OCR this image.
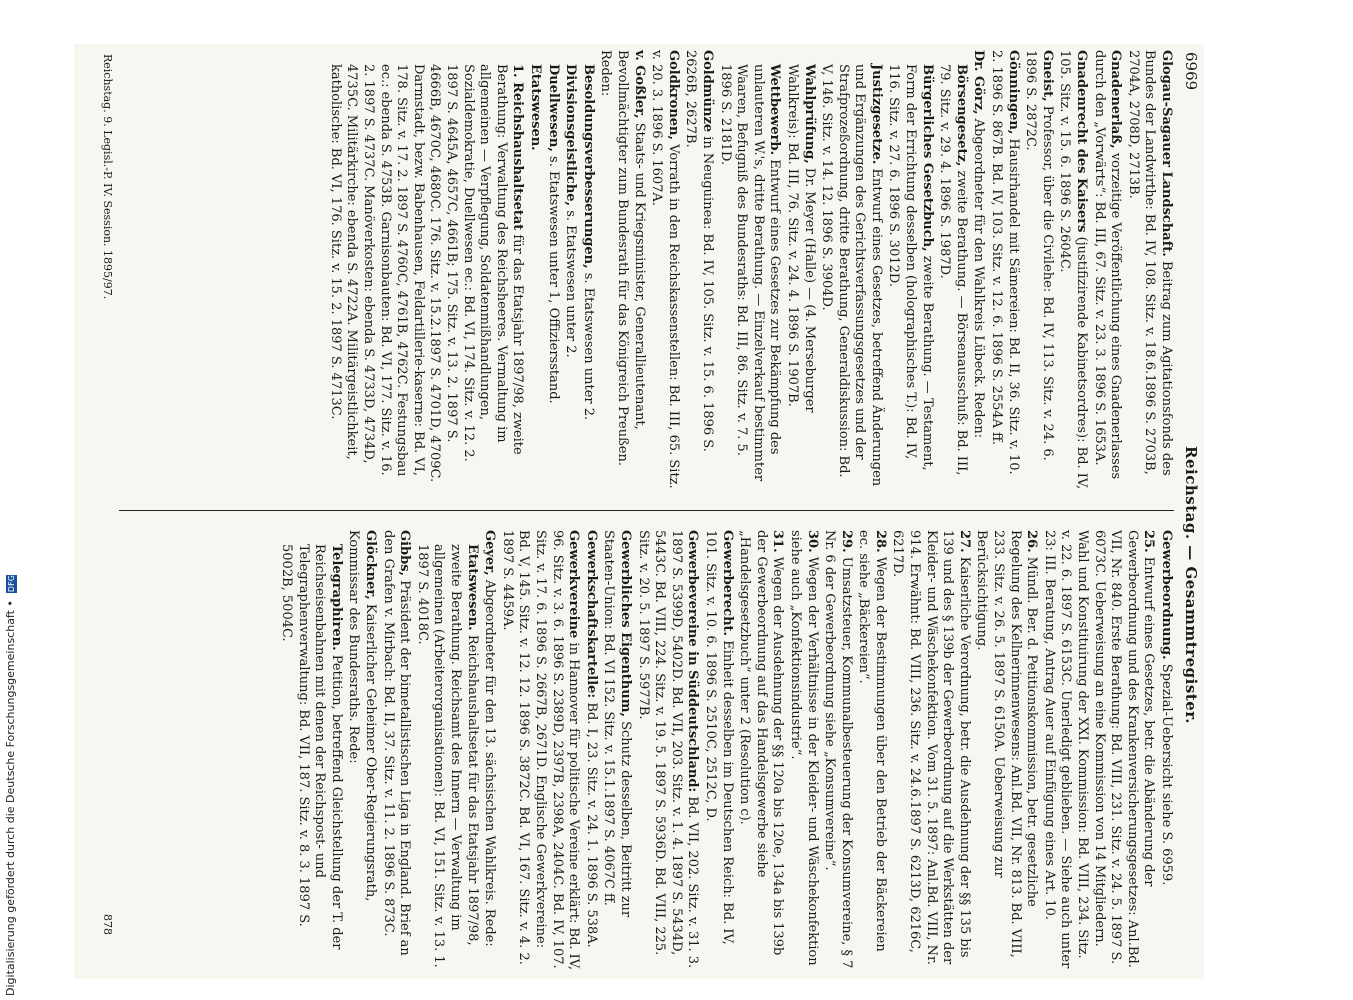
6969
Reichstag. — Gesammtregister.

Glogau-Sagauer Landschaft. Beitrag zum Agitationsfonds des Bundes der Landwirthe: Bd. IV, 108. Sitz. v. 18.6.1896 S. 2703B, 2704A, 2708D, 2713B.

Gnadenerlaß, vorzeitige Veröffentlichung eines Gnadenerlasses durch den „Vorwärts“: Bd. III, 67. Sitz. v. 23. 3. 1896 S. 1653A.

Gnadenrecht des Kaisers (justifizirende Kabinetsordres): Bd. IV, 105. Sitz. v. 15. 6. 1896 S. 2604C.

Gneist, Professor, über die Civilehe: Bd. IV, 113. Sitz. v. 24. 6. 1896 S. 2872C.

Gönningen, Hausirhandel mit Sämereien: Bd. II, 36. Sitz. v. 10. 2. 1896 S. 867B. Bd. IV, 103. Sitz. v. 12. 6. 1896 S. 2554A ff.

Dr. Görz, Abgeordneter für den Wahlkreis Lübeck. Reden:

Börsengesetz, zweite Berathung. — Börsenausschuß: Bd. III, 79. Sitz. v. 29. 4. 1896 S. 1987D.

Bürgerliches Gesetzbuch, zweite Berathung. — Testament, Form der Errichtung desselben (holographisches T.): Bd. IV, 116. Sitz. v. 27. 6. 1896 S. 3012D.

Justizgesetze. Entwurf eines Gesetzes, betreffend Änderungen und Ergänzungen des Gerichtsverfassungsgesetzes und der Strafprozeßordnung, dritte Berathung, Generaldiskussion: Bd. V, 146. Sitz. v. 14. 12. 1896 S. 3904D.

Wahlprüfung, Dr. Meyer (Halle) — (4. Merseburger Wahlkreis): Bd. III, 76. Sitz. v. 24. 4. 1896 S. 1907B.

Wettbewerb. Entwurf eines Gesetzes zur Bekämpfung des unlauteren W.'s, dritte Berathung. — Einzelverkauf bestimmter Waaren, Befugniß des Bundesraths: Bd. III, 86. Sitz. v. 7. 5. 1896 S. 2181D.

Goldmünze in Neuguinea: Bd. IV, 105. Sitz. v. 15. 6. 1896 S. 2626B, 2627B.

Goldkronen, Vorrath in den Reichskassenstellen: Bd. III, 65. Sitz. v. 20. 3. 1896 S. 1607A.

v. Goßler, Staats- und Kriegsminister, Generallieutenant, Bevollmächtigter zum Bundesrath für das Königreich Preußen. Reden:

Besoldungsverbesserungen, s. Etatswesen unter 2.

Divisionsgeistliche, s. Etatswesen unter 2.

Duellwesen, s. Etatswesen unter 1, Offiziersstand.

Etatswesen.

1. Reichshaushaltsetat für das Etatsjahr 1897/98, zweite Berathung: Verwaltung des Reichsheeres. Vermaltung im allgemeinen — Verpflegung, Soldatenmißhandlungen, Sozialdemokratie, Duellwesen ec.: Bd. VI, 174. Sitz. v. 12. 2. 1897 S. 4645A, 4657C, 4661B; 175. Sitz. v. 13. 2. 1897 S. 4666B, 4670C, 4680C. 176. Sitz. v. 15.2.1897 S. 4701D, 4709C. Darmstadt, bezw. Babenhausen, Feldartillerie-kaserne: Bd. VI, 178. Sitz. v. 17. 2. 1897 S. 4760C, 4761B, 4762C. Festungsbau ec.: ebenda S. 4753B. Garnisonbauten: Bd. VI, 177. Sitz. v. 16. 2. 1897 S. 4737C. Manöverkosten: ebenda S. 4733D, 4734D, 4735C. Militärkirche: ebenda S. 4722A. Militärgeistlichkeit, katholische: Bd. VI, 176. Sitz. v. 15. 2. 1897 S. 4713C.

Gewerbeordnung. Spezial-Uebersicht siehe S. 6959.

25. Entwurf eines Gesetzes, betr. die Abänderung der Gewerbeordnung und des Krankenversicherungsgesetzes: Anl.Bd. VII, Nr. 840. Erste Berathung: Bd. VIII, 231. Sitz. v. 24. 5. 1897 S. 6073C. Ueberweisung an eine Kommission von 14 Mitgliedern. Wahl und Konstituirung der XXI. Kommission: Bd. VIII, 234. Sitz. v. 22. 6. 1897 S. 6153C. Unerledigt geblieben. — Siehe auch unter 23: III. Beratung, Antrag Auer auf Einfügung eines Art. 10.

26. Mündl. Ber. d. Petitionskommission, betr. gesetzliche Regelung des Kellnerinnenwesens: Anl.Bd. VII, Nr. 813. Bd. VIII, 233. Sitz. v. 26. 5. 1897 S. 6150A. Ueberweisung zur Berücksichtigung.

27. Kaiserliche Verordnung, betr. die Ausdehnung der §§ 135 bis 139 und des § 139b der Gewerbeordnung auf die Werkstätten der Kleider- und Wäschekonfektion. Vom 31. 5. 1897: Anl.Bd. VIII, Nr. 914. Erwähnt: Bd. VIII, 236. Sitz. v. 24.6.1897 S. 6213D, 6216C, 6217D.

28. Wegen der Bestimmungen über den Betrieb der Bäckereien ec. siehe „Bäckereien“.

29. Umsatzsteuer, Kommunalbesteuerung der Konsumvereine, § 7 Nr. 6 der Gewerbeordnung siehe „Konsumvereine“.

30. Wegen der Verhältnisse in der Kleider- und Wäschekonfektion siehe auch „Konfektionsindustrie“.

31. Wegen der Ausdehnung der §§ 120a bis 120e, 134a bis 139b der Gewerbeordnung auf das Handelsgewerbe siehe „Handelsgesetzbuch“ unter 2 (Resolution c).

Gewerberecht. Einheit desselben im Deutschen Reich: Bd. IV, 101. Sitz. v. 10. 6. 1896 S. 2510C, 2512C, D.

Gewerbevereine in Süddeutschland: Bd. VII, 202. Sitz. v. 31. 3. 1897 S. 5399D, 5402D. Bd. VII, 203. Sitz. v. 1. 4. 1897 S. 5434D, 5443C. Bd. VIII, 224. Sitz. v. 19. 5. 1897 S. 5936D. Bd. VIII, 225. Sitz. v. 20. 5. 1897 S. 5977B.

Gewerbliches Eigenthum, Schutz desselben, Beitritt zur Staaten-Union: Bd. VI 152. Sitz. v. 15.1.1897 S. 4067C ff.

Gewerkschaftskartelle: Bd. I, 23. Sitz. v. 24. 1. 1896 S. 538A.

Gewerkvereine in Hannover für politische Vereine erklärt: Bd. IV, 96. Sitz. v. 3. 6. 1896 S. 2389D, 2397B, 2398A, 2404C. Bd. IV, 107. Sitz. v. 17. 6. 1896 S. 2667B, 2671D. Englische Gewerkvereine: Bd. V, 145. Sitz. v. 12. 12. 1896 S. 3872C. Bd. VI, 167. Sitz. v. 4. 2. 1897 S. 4459A.

Geyer, Abgeordneter für den 13. sächsischen Wahlkreis. Rede:

Etatswesen. Reichshaushaltsetat für das Etatsjahr 1897/98, zweite Berathung. Reichsamt des Innern — Verwaltung im allgemeinen (Arbeiterorganisationen): Bd. VI, 151. Sitz. v. 13. 1. 1897 S. 4018C.

Gibbs, Präsident der bimetallistischen Liga in England. Brief an den Grafen v. Mirbach: Bd. II, 37. Sitz. v. 11. 2. 1896 S. 873C.

Glöckner, Kaiserlicher Geheimer Ober-Regierungsrath, Kommissar des Bundesraths. Rede:

Telegraphiren. Petition, betreffend Gleichstellung der T. der Reichseisenbahnen mit denen der Reichspost- und Telegraphenverwaltung: Bd. VII, 187. Sitz. v. 8. 3. 1897 S. 5002B, 5004C.

Reichstag. 9. Legisl.-P. IV. Session. 1895/97.
878
Digitalisierung gefördert durch die Deutsche Forschungsgemeinschaft • DFG
